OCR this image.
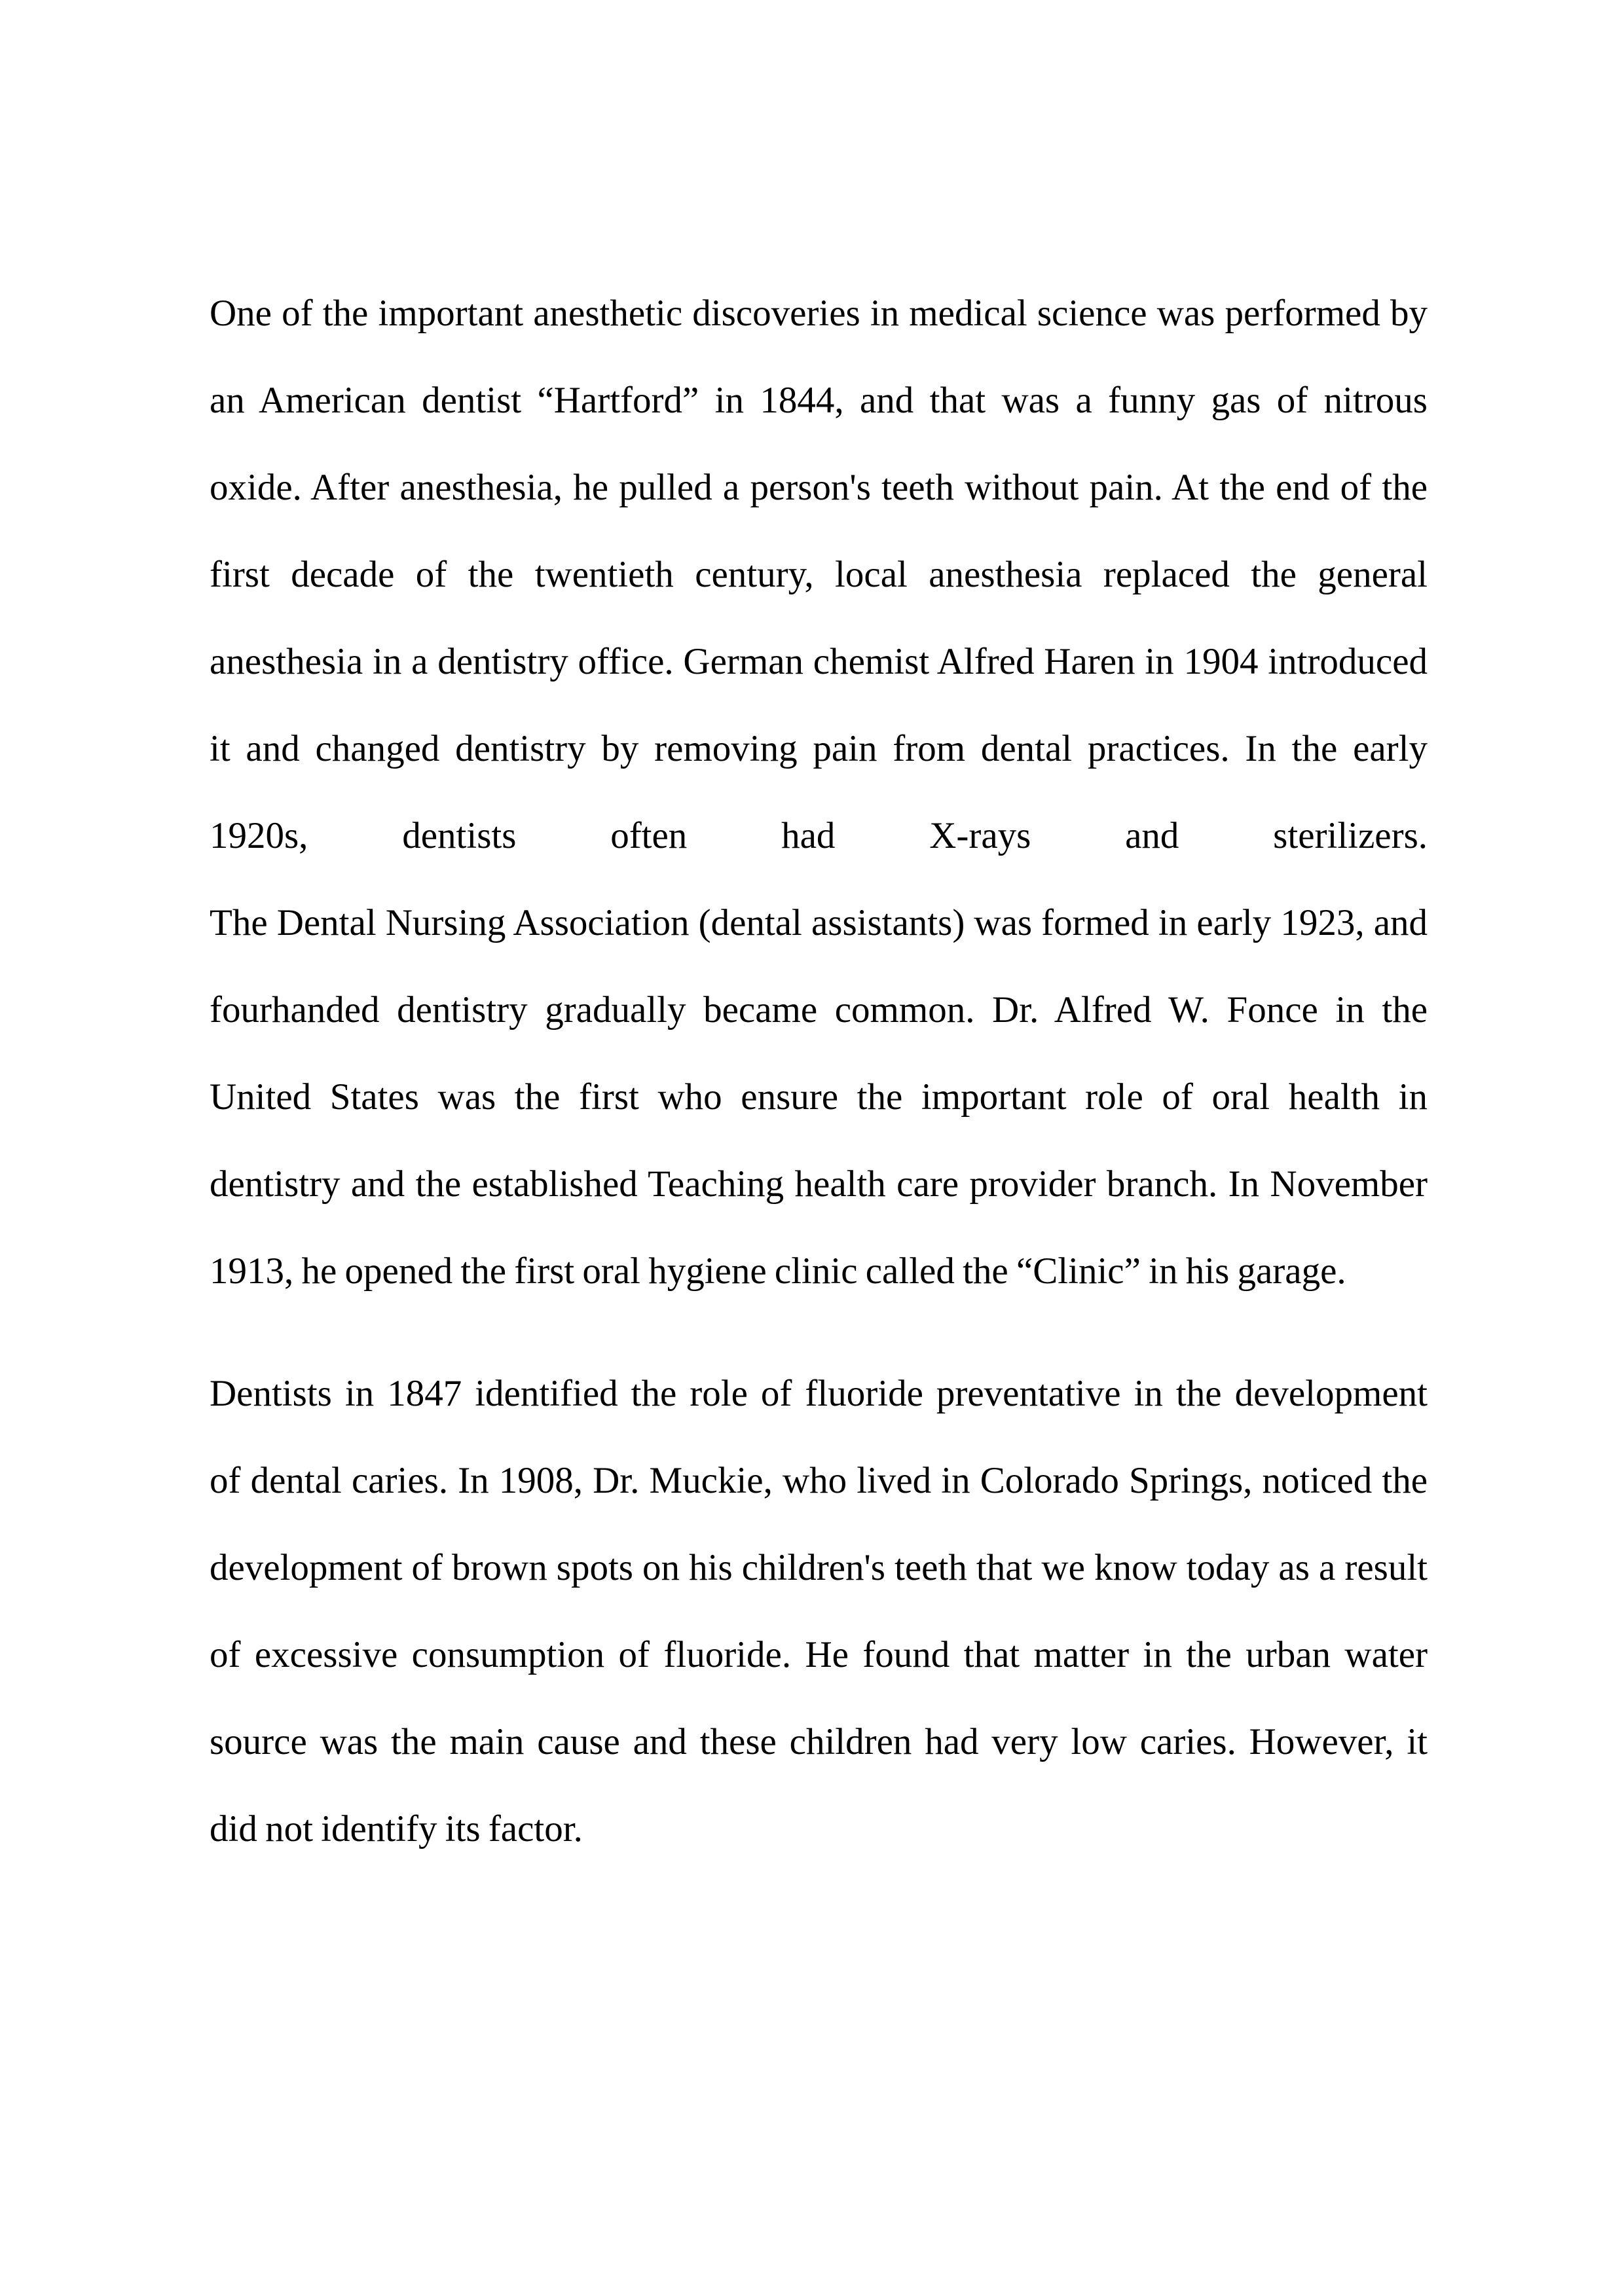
One of the important anesthetic discoveries in medical science was performed by
an American dentist “Hartford” in 1844, and that was a funny gas of nitrous
oxide. After anesthesia, he pulled a person's teeth without pain. At the end of the
first decade of the twentieth century, local anesthesia replaced the general
anesthesia in a dentistry office. German chemist Alfred Haren in 1904 introduced
it and changed dentistry by removing pain from dental practices. In the early
1920s, dentists often had X-rays and sterilizers.
The Dental Nursing Association (dental assistants) was formed in early 1923, and
fourhanded dentistry gradually became common. Dr. Alfred W. Fonce in the
United States was the first who ensure the important role of oral health in
dentistry and the established Teaching health care provider branch. In November
1913, he opened the first oral hygiene clinic called the “Clinic” in his garage.
Dentists in 1847 identified the role of fluoride preventative in the development
of dental caries. In 1908, Dr. Muckie, who lived in Colorado Springs, noticed the
development of brown spots on his children's teeth that we know today as a result
of excessive consumption of fluoride. He found that matter in the urban water
source was the main cause and these children had very low caries. However, it
did not identify its factor.
